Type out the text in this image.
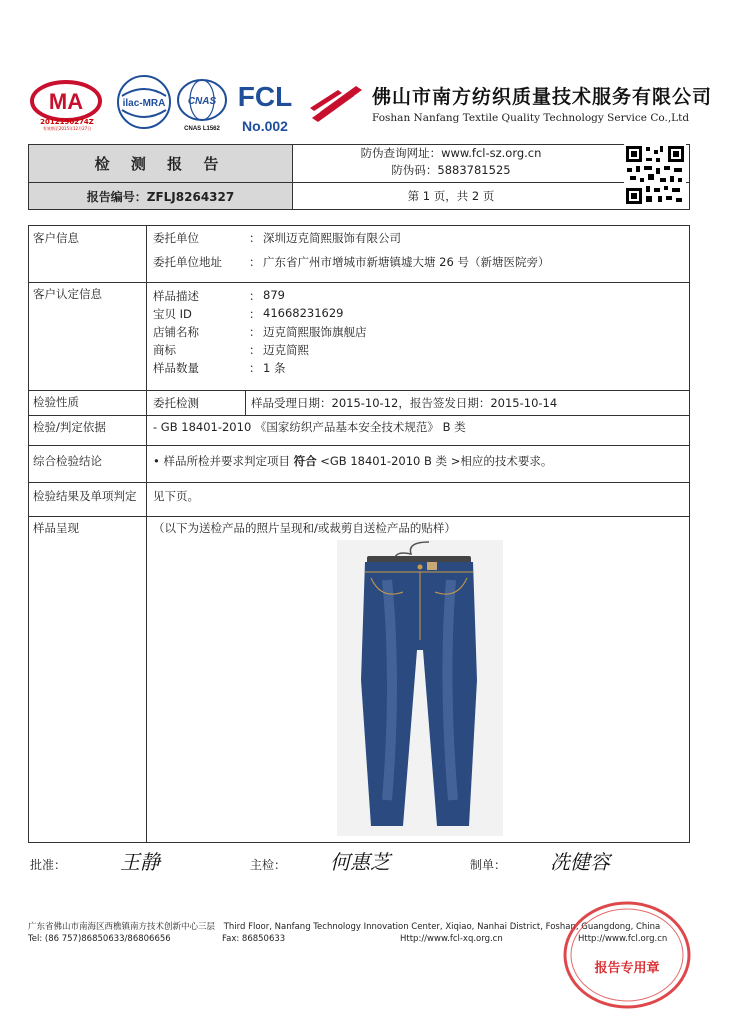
MA
2012190274Z
有效期至2015年12月27日
ilac-MRA CNAS
CNAS L1562
FCL
No.002
佛山市南方纺织质量技术服务有限公司
Foshan Nanfang Textile Quality Technology Service Co.,Ltd
检 测 报 告
报告编号：ZFLJ8264327
防伪查询网址：www.fcl-sz.org.cn
防伪码：5883781525
第 1 页，共 2 页
客户信息	委托单位	： 深圳迈克简熙服饰有限公司
委托单位地址 ： 广东省广州市增城市新塘镇墟大塘 26 号（新塘医院旁）
客户认定信息	样品描述	： 879
宝贝 ID	： 41668231629
店铺名称	： 迈克简熙服饰旗舰店
商标	： 迈克简熙
样品数量	： 1 条
检验性质	委托检测	样品受理日期：2015-10-12，报告签发日期：2015-10-14
检验/判定依据	- GB 18401-2010 《国家纺织产品基本安全技术规范》 B 类
综合检验结论	• 样品所检并要求判定项目 符合 <GB 18401-2010 B 类 >相应的技术要求。
检验结果及单项判定	见下页。
样品呈现	（以下为送检产品的照片呈现和/或裁剪自送检产品的贴样）
批准：	王静	主检： 何惠芝	制单： 冼健容
广东省佛山市南海区西樵镇南方技术创新中心三层 Third Floor, Nanfang Technology Innovation Center, Xiqiao, Nanhai District, Foshan, Guangdong, China
Tel: (86 757)86850633/86806656	Fax: 86850633	Http://www.fcl-xq.org.cn	Http://www.fcl.org.cn
报告专用章
